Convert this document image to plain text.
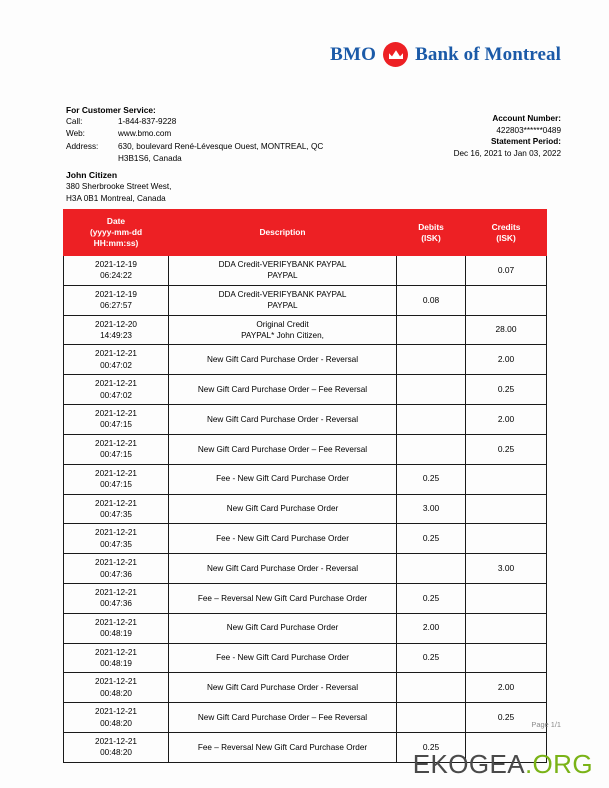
BMO Bank of Montreal
For Customer Service:
Call:	1-844-837-9228
Web:	www.bmo.com
Address:	630, boulevard René-Lévesque Ouest, MONTREAL, QC
H3B1S6, Canada
John Citizen
380 Sherbrooke Street West,
H3A 0B1 Montreal, Canada
Account Number:
422803******0489
Statement Period:
Dec 16, 2021 to Jan 03, 2022
Date
(yyyy-mm-dd
HH:mm:ss)	Description	Debits
(ISK)	Credits
(ISK)
2021-12-19
06:24:22	DDA Credit-VERIFYBANK PAYPAL
PAYPAL		0.07
2021-12-19
06:27:57	DDA Credit-VERIFYBANK PAYPAL
PAYPAL	0.08	
2021-12-20
14:49:23	Original Credit
PAYPAL* John Citizen,		28.00
2021-12-21
00:47:02	New Gift Card Purchase Order - Reversal		2.00
2021-12-21
00:47:02	New Gift Card Purchase Order – Fee Reversal		0.25
2021-12-21
00:47:15	New Gift Card Purchase Order - Reversal		2.00
2021-12-21
00:47:15	New Gift Card Purchase Order – Fee Reversal		0.25
2021-12-21
00:47:15	Fee - New Gift Card Purchase Order	0.25	
2021-12-21
00:47:35	New Gift Card Purchase Order	3.00	
2021-12-21
00:47:35	Fee - New Gift Card Purchase Order	0.25	
2021-12-21
00:47:36	New Gift Card Purchase Order - Reversal		3.00
2021-12-21
00:47:36	Fee – Reversal New Gift Card Purchase Order	0.25	
2021-12-21
00:48:19	New Gift Card Purchase Order	2.00	
2021-12-21
00:48:19	Fee - New Gift Card Purchase Order	0.25	
2021-12-21
00:48:20	New Gift Card Purchase Order - Reversal		2.00
2021-12-21
00:48:20	New Gift Card Purchase Order – Fee Reversal		0.25
2021-12-21
00:48:20	Fee – Reversal New Gift Card Purchase Order	0.25	
Page 1/1
EKOGEA.ORG
